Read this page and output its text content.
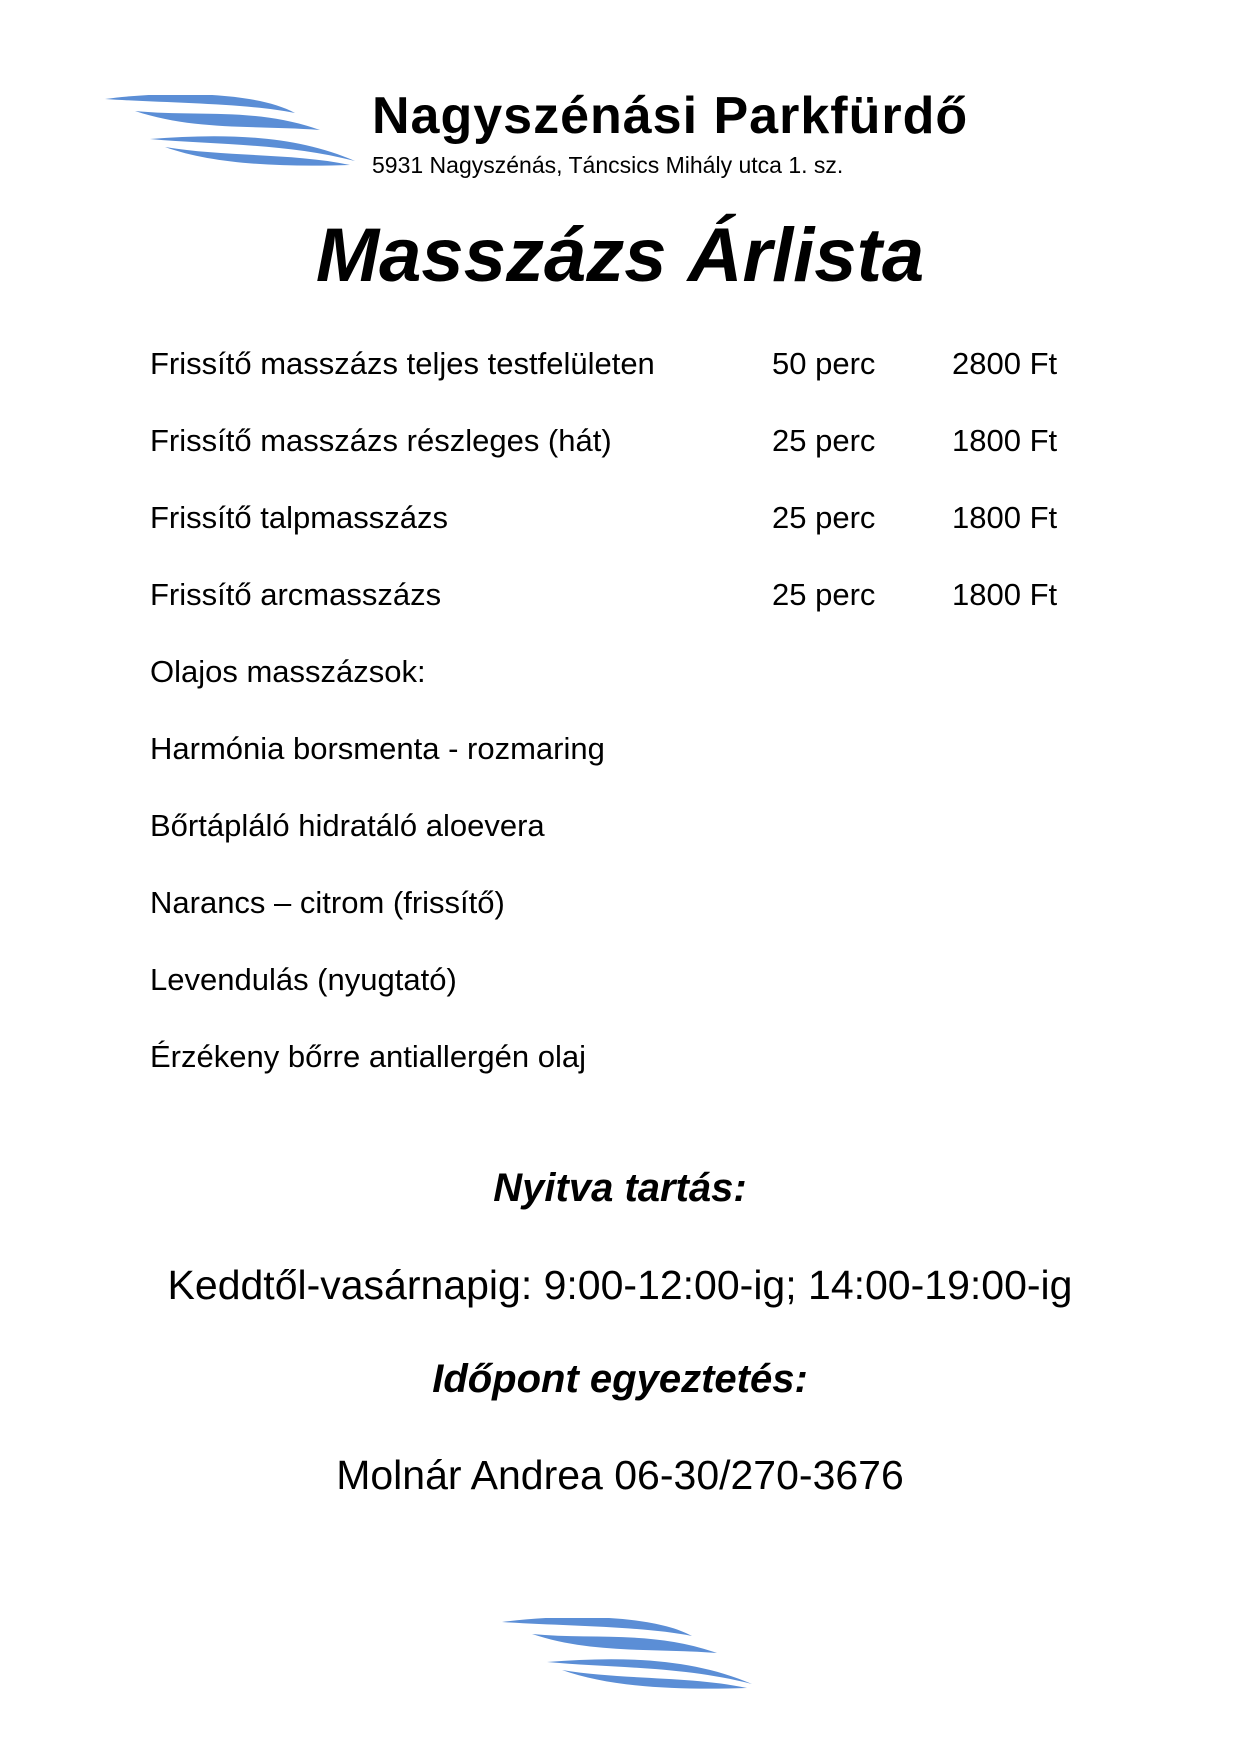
Nagyszénási Parkfürdő
5931 Nagyszénás, Táncsics Mihály utca 1. sz.
Masszázs Árlista
Frissítő masszázs teljes testfelületen	50 perc 2800 Ft
Frissítő masszázs részleges (hát)	25 perc 1800 Ft
Frissítő talpmasszázs	25 perc 1800 Ft
Frissítő arcmasszázs	25 perc 1800 Ft
Olajos masszázsok:
Harmónia borsmenta - rozmaring
Bőrtápláló hidratáló aloevera
Narancs – citrom (frissítő)
Levendulás (nyugtató)
Érzékeny bőrre antiallergén olaj
Nyitva tartás:
Keddtől-vasárnapig: 9:00-12:00-ig; 14:00-19:00-ig
Időpont egyeztetés:
Molnár Andrea 06-30/270-3676
